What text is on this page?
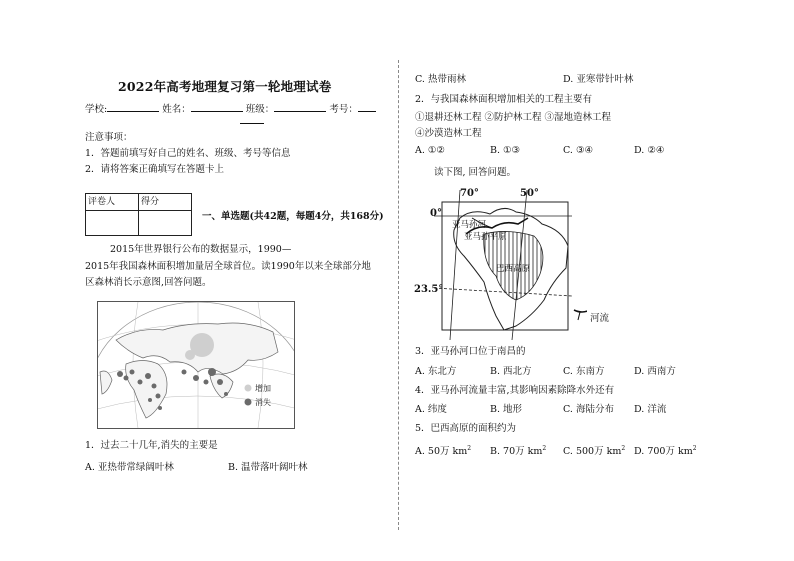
2022年高考地理复习第一轮地理试卷
学校:	姓名：	班级：	考号：
注意事项：
1．答题前填写好自己的姓名、班级、考号等信息
2．请将答案正确填写在答题卡上
评卷人	得分

一、单选题(共42题，每题4分，共168分)
2015年世界银行公布的数据显示，1990—
2015年我国森林面积增加量居全球首位。读1990年以来全球部分地
区森林消长示意图,回答问题。
增加
消失
1．过去二十几年,消失的主要是
A. 亚热带常绿阔叶林	B. 温带落叶阔叶林
C. 热带雨林	D. 亚寒带针叶林
2．与我国森林面积增加相关的工程主要有
①退耕还林工程 ②防护林工程 ③湿地造林工程
④沙漠造林工程
A. ①②	B. ①③	C. ③④	D. ②④
读下图, 回答问题。
70°	50°
0°
23.5°
亚马孙河
亚马孙平原
巴西高原
河流
3．亚马孙河口位于南昌的
A. 东北方	B. 西北方	C. 东南方	D. 西南方
4．亚马孙河流量丰富,其影响因素除降水外还有
A. 纬度	B. 地形	C. 海陆分布 D. 洋流
5．巴西高原的面积约为
A. 50万 $km^2$ B. 70万 $km^2$ C. 500万 $km^2$ D. 700万 $km^2$
